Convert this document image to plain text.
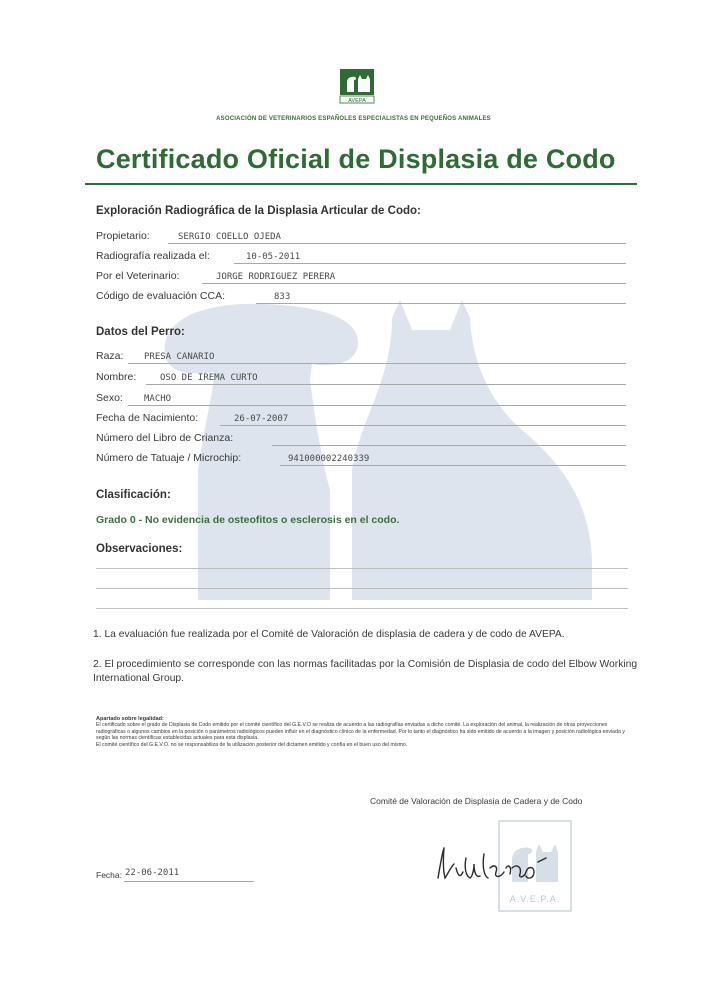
AVEPA
ASOCIACIÓN DE VETERINARIOS ESPAÑOLES ESPECIALISTAS EN PEQUEÑOS ANIMALES
Certificado Oficial de Displasia de Codo
Exploración Radiográfica de la Displasia Articular de Codo:
Propietario:	SERGIO COELLO OJEDA
Radiografía realizada el:	10-05-2011
Por el Veterinario:	JORGE RODRIGUEZ PERERA
Código de evaluación CCA:	833
Datos del Perro:
Raza: PRESA CANARIO
Nombre:	OSO DE IREMA CURTO
Sexo: MACHO
Fecha de Nacimiento:	26-07-2007
Número del Libro de Crianza:
Número de Tatuaje / Microchip:	941000002240339
Clasificación:
Grado 0 - No evidencia de osteofitos o esclerosis en el codo.
Observaciones:
1. La evaluación fue realizada por el Comité de Valoración de displasia de cadera y de codo de AVEPA.
2. El procedimiento se corresponde con las normas facilitadas por la Comisión de Displasia de codo del Elbow Working International Group.
Apartado sobre legalidad:
El certificado sobre el grado de Displasia de Codo emitido por el comité científico del G.E.V.O se realiza de acuerdo a las radiografías enviadas a dicho comité. La exploración del animal, la realización de otras proyecciones radiográficas o algunos cambios en la posición o parámetros radiológicos pueden influir en el diagnóstico clínico de la enfermedad. Por lo tanto el diagnóstico ha sido emitido de acuerdo a la imagen y posición radiológica enviada y según las normas científicas establecidas actuales para esta displasia.
El comité científico del G.E.V.O. no se responsabiliza de la utilización posterior del dictamen emitido y confía en el buen uso del mismo.
Comité de Valoración de Displasia de Cadera y de Codo
Fecha: 22-06-2011
A.V.E.P.A.
